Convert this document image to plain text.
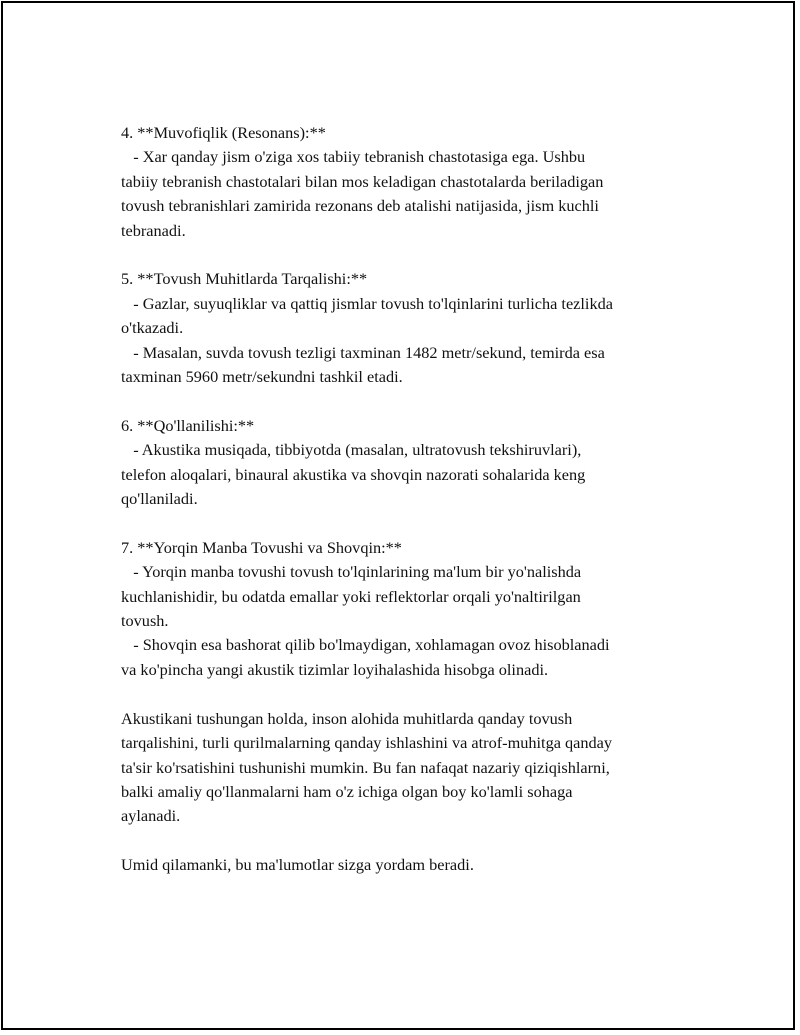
4. **Muvofiqlik (Resonans):**
- Xar qanday jism o'ziga xos tabiiy tebranish chastotasiga ega. Ushbu
tabiiy tebranish chastotalari bilan mos keladigan chastotalarda beriladigan
tovush tebranishlari zamirida rezonans deb atalishi natijasida, jism kuchli
tebranadi.
5. **Tovush Muhitlarda Tarqalishi:**
- Gazlar, suyuqliklar va qattiq jismlar tovush to'lqinlarini turlicha tezlikda
o'tkazadi.
- Masalan, suvda tovush tezligi taxminan 1482 metr/sekund, temirda esa
taxminan 5960 metr/sekundni tashkil etadi.
6. **Qo'llanilishi:**
- Akustika musiqada, tibbiyotda (masalan, ultratovush tekshiruvlari),
telefon aloqalari, binaural akustika va shovqin nazorati sohalarida keng
qo'llaniladi.
7. **Yorqin Manba Tovushi va Shovqin:**
- Yorqin manba tovushi tovush to'lqinlarining ma'lum bir yo'nalishda
kuchlanishidir, bu odatda emallar yoki reflektorlar orqali yo'naltirilgan
tovush.
- Shovqin esa bashorat qilib bo'lmaydigan, xohlamagan ovoz hisoblanadi
va ko'pincha yangi akustik tizimlar loyihalashida hisobga olinadi.
Akustikani tushungan holda, inson alohida muhitlarda qanday tovush
tarqalishini, turli qurilmalarning qanday ishlashini va atrof-muhitga qanday
ta'sir ko'rsatishini tushunishi mumkin. Bu fan nafaqat nazariy qiziqishlarni,
balki amaliy qo'llanmalarni ham o'z ichiga olgan boy ko'lamli sohaga
aylanadi.
Umid qilamanki, bu ma'lumotlar sizga yordam beradi.
